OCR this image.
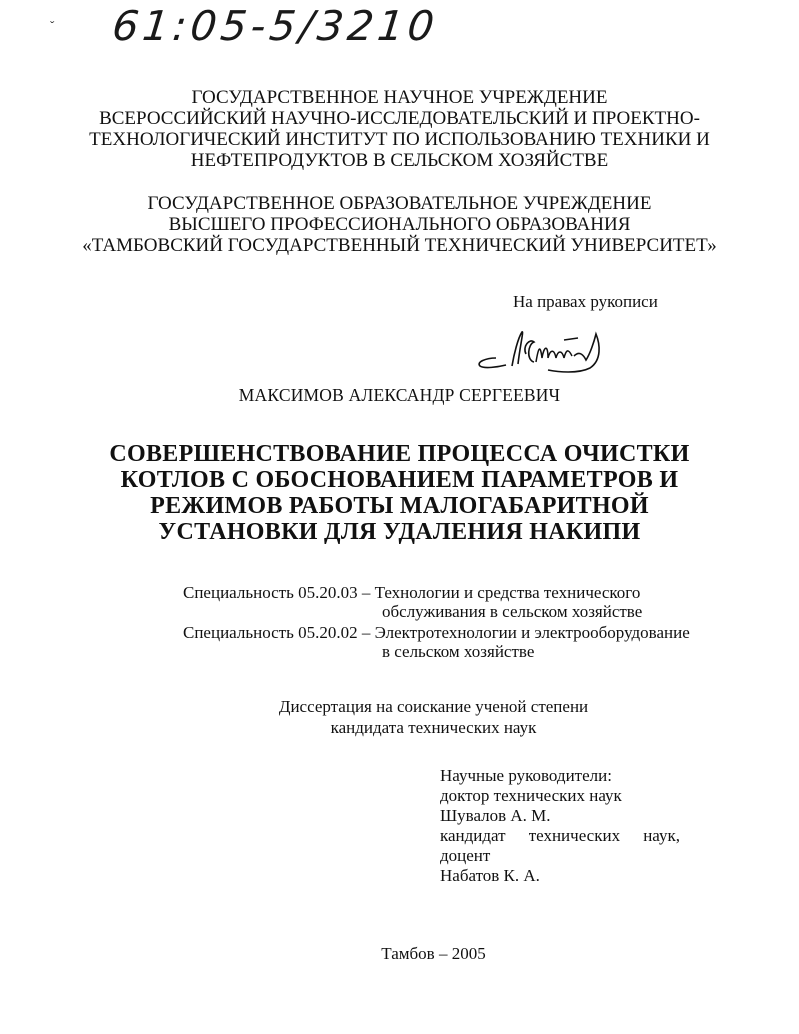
ˇ 61:05-5/3210
ГОСУДАРСТВЕННОЕ НАУЧНОЕ УЧРЕЖДЕНИЕ
ВСЕРОССИЙСКИЙ НАУЧНО-ИССЛЕДОВАТЕЛЬСКИЙ И ПРОЕКТНО-
ТЕХНОЛОГИЧЕСКИЙ ИНСТИТУТ ПО ИСПОЛЬЗОВАНИЮ ТЕХНИКИ И
НЕФТЕПРОДУКТОВ В СЕЛЬСКОМ ХОЗЯЙСТВЕ
ГОСУДАРСТВЕННОЕ ОБРАЗОВАТЕЛЬНОЕ УЧРЕЖДЕНИЕ
ВЫСШЕГО ПРОФЕССИОНАЛЬНОГО ОБРАЗОВАНИЯ
«ТАМБОВСКИЙ ГОСУДАРСТВЕННЫЙ ТЕХНИЧЕСКИЙ УНИВЕРСИТЕТ»
На правах рукописи
МАКСИМОВ АЛЕКСАНДР СЕРГЕЕВИЧ
СОВЕРШЕНСТВОВАНИЕ ПРОЦЕССА ОЧИСТКИ
КОТЛОВ С ОБОСНОВАНИЕМ ПАРАМЕТРОВ И
РЕЖИМОВ РАБОТЫ МАЛОГАБАРИТНОЙ
УСТАНОВКИ ДЛЯ УДАЛЕНИЯ НАКИПИ
Специальность 05.20.03 – Технологии и средства технического
обслуживания в сельском хозяйстве
Специальность 05.20.02 – Электротехнологии и электрооборудование
в сельском хозяйстве
Диссертация на соискание ученой степени
кандидата технических наук
Научные руководители:
доктор технических наук
Шувалов А. М.
кандидат технических наук,
доцент
Набатов К. А.
Тамбов – 2005
